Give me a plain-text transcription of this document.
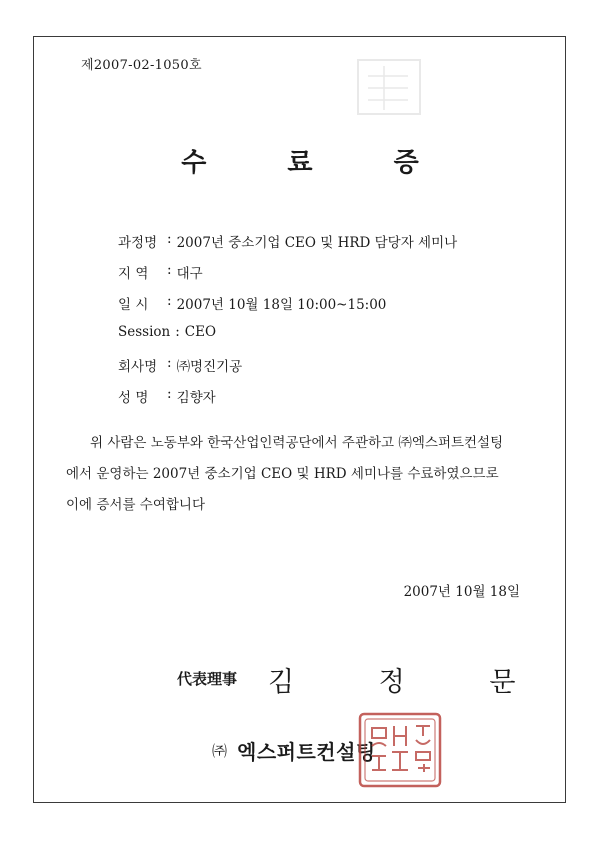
제2007-02-1050호
수 료 증
과정명 : 2007년 중소기업 CEO 및 HRD 담당자 세미나
지 역	: 대구
일 시	: 2007년 10월 18일 10:00~15:00
Session : CEO
회사명 : ㈜명진기공
성 명	: 김향자
위 사람은 노동부와 한국산업인력공단에서 주관하고 ㈜엑스퍼트컨설팅
에서 운영하는 2007년 중소기업 CEO 및 HRD 세미나를 수료하였으므로
이에 증서를 수여합니다
2007년 10월 18일
代表理事 김 정 문
㈜ 엑스퍼트컨설팅
